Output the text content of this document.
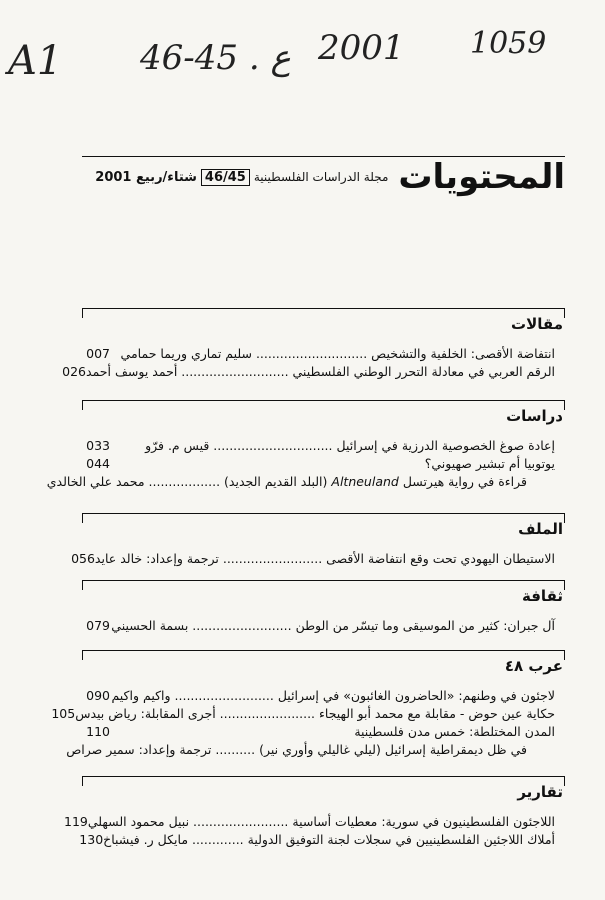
A1 46-45 . ع 2001 1059
المحتويات
مجلة الدراسات الفلسطينية
46/45
شتاء/ربيع 2001
مقالات
انتفاضة الأقصى: الخلفية والتشخيص ............................ سليم تماري وريما حمامي
007
الرقم العربي في معادلة التحرر الوطني الفلسطيني ........................... أحمد يوسف أحمد
026
دراسات
إعادة صوغ الخصوصية الدرزية في إسرائيل .............................. قيس م. فرّو
033
يوتوبيا أم تبشير صهيوني؟
044
قراءة في رواية هيرتسل Altneuland (البلد القديم الجديد) .................. محمد علي الخالدي
الملف
الاستيطان اليهودي تحت وقع انتفاضة الأقصى ......................... ترجمة وإعداد: خالد عايد
056
ثقافة
آل جبران: كثير من الموسيقى وما تيسّر من الوطن ......................... بسمة الحسيني
079
عرب ٤٨
لاجئون في وطنهم: «الحاضرون الغائبون» في إسرائيل ......................... واكيم واكيم
090
حكاية عين حوض - مقابلة مع محمد أبو الهيجاء ........................ أجرى المقابلة: رياض بيدس
105
المدن المختلطة: خمس مدن فلسطينية
110
في ظل ديمقراطية إسرائيل (ليلي غاليلي وأوري نير) .......... ترجمة وإعداد: سمير صراص
تقارير
اللاجئون الفلسطينيون في سورية: معطيات أساسية ........................ نبيل محمود السهلي
119
أملاك اللاجئين الفلسطينيين في سجلات لجنة التوفيق الدولية ............. مايكل ر. فيشباخ
130
